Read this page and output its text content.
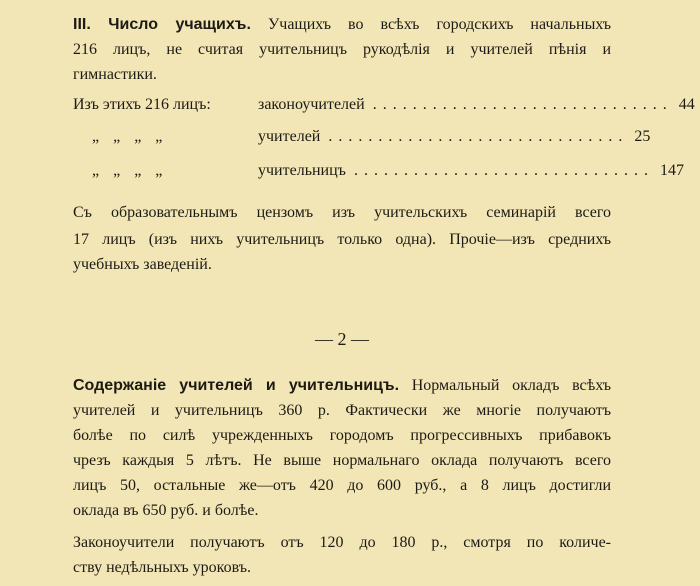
III. Число учащихъ. Учащихъ во всѣхъ городскихъ начальныхъ
216 лицъ, не считая учительницъ рукодѣлія и учителей пѣнія и
гимнастики.
Изъ этихъ 216 лицъ:	законоучителей .............................. 44
„ „ „ „	учителей .............................. 25
„ „ „ „	учительницъ .............................. 147
Съ образовательнымъ цензомъ изъ учительскихъ семинарій всего
17 лицъ (изъ нихъ учительницъ только одна). Прочіе—изъ среднихъ
учебныхъ заведеній.
— 2 —
Содержаніе учителей и учительницъ. Нормальный окладъ всѣхъ
учителей и учительницъ 360 р. Фактически же многіе получаютъ
болѣе по силѣ учрежденныхъ городомъ прогрессивныхъ прибавокъ
чрезъ каждыя 5 лѣтъ. Не выше нормальнаго оклада получаютъ всего
лицъ 50, остальные же—отъ 420 до 600 руб., а 8 лицъ достигли
оклада въ 650 руб. и болѣе.
Законоучители получаютъ отъ 120 до 180 р., смотря по количе-
ству недѣльныхъ уроковъ.
